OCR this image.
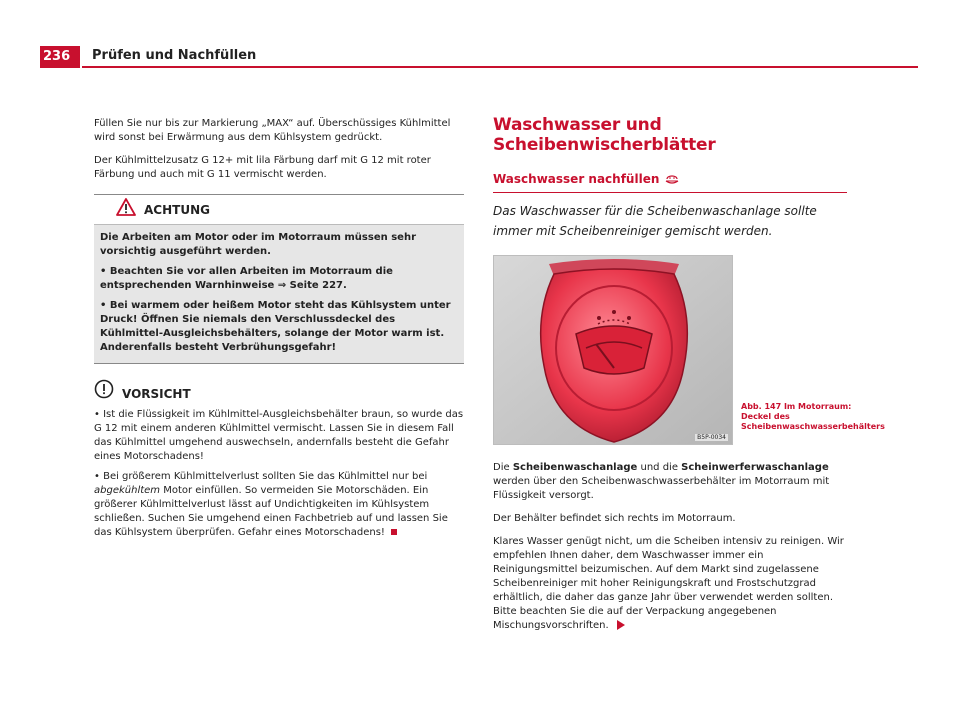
236	Prüfen und Nachfüllen

Füllen Sie nur bis zur Markierung „MAX“ auf. Überschüssiges Kühlmittel wird sonst bei Erwärmung aus dem Kühlsystem gedrückt.

Der Kühlmittelzusatz G 12+ mit lila Färbung darf mit G 12 mit roter Färbung und auch mit G 11 vermischt werden.

ACHTUNG

Die Arbeiten am Motor oder im Motorraum müssen sehr vorsichtig ausgeführt werden.

• Beachten Sie vor allen Arbeiten im Motorraum die entsprechenden Warnhinweise ⇒ Seite 227.

• Bei warmem oder heißem Motor steht das Kühlsystem unter Druck! Öffnen Sie niemals den Verschlussdeckel des Kühlmittel-Ausgleichsbehälters, solange der Motor warm ist. Anderenfalls besteht Verbrühungsgefahr!

VORSICHT

• Ist die Flüssigkeit im Kühlmittel-Ausgleichsbehälter braun, so wurde das G 12 mit einem anderen Kühlmittel vermischt. Lassen Sie in diesem Fall das Kühlmittel umgehend auswechseln, andernfalls besteht die Gefahr eines Motorschadens!

• Bei größerem Kühlmittelverlust sollten Sie das Kühlmittel nur bei abgekühltem Motor einfüllen. So vermeiden Sie Motorschäden. Ein größerer Kühlmittelverlust lässt auf Undichtigkeiten im Kühlsystem schließen. Suchen Sie umgehend einen Fachbetrieb auf und lassen Sie das Kühlsystem überprüfen. Gefahr eines Motorschadens!

Waschwasser und Scheibenwischerblätter
Waschwasser nachfüllen
Das Waschwasser für die Scheibenwaschanlage sollte immer mit Scheibenreiniger gemischt werden.
B5P-0034
Abb. 147 Im Motorraum: Deckel des Scheibenwaschwasserbehälters

Die Scheibenwaschanlage und die Scheinwerferwaschanlage werden über den Scheibenwaschwasserbehälter im Motorraum mit Flüssigkeit versorgt.

Der Behälter befindet sich rechts im Motorraum.

Klares Wasser genügt nicht, um die Scheiben intensiv zu reinigen. Wir empfehlen Ihnen daher, dem Waschwasser immer ein Reinigungsmittel beizumischen. Auf dem Markt sind zugelassene Scheibenreiniger mit hoher Reinigungskraft und Frostschutzgrad erhältlich, die daher das ganze Jahr über verwendet werden sollten. Bitte beachten Sie die auf der Verpackung angegebenen Mischungsvorschriften.
